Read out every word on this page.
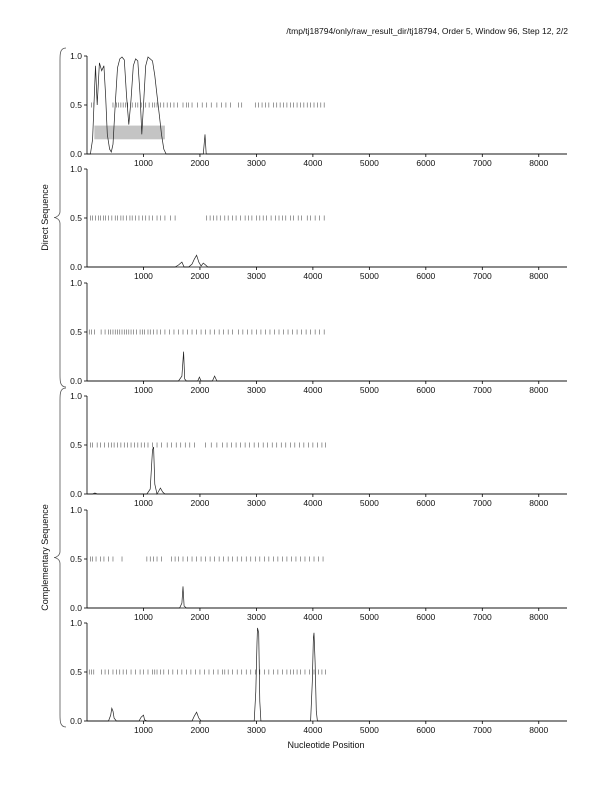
/tmp/tj18794/only/raw_result_dir/tj18794, Order 5, Window 96, Step 12, 2/2
0.0
0.5
1.0
1000	2000	3000	4000	5000	6000	7000	8000
0.0
0.5
1.0
1000	2000	3000	4000	5000	6000	7000	8000
0.0
0.5
1.0
1000	2000	3000	4000	5000	6000	7000	8000
0.0
0.5
1.0
1000	2000	3000	4000	5000	6000	7000	8000
0.0
0.5
1.0
1000	2000	3000	4000	5000	6000	7000	8000
0.0
0.5
1.0
1000	2000	3000	4000	5000	6000	7000	8000
Direct Sequence
Complementary Sequence
Nucleotide Position
